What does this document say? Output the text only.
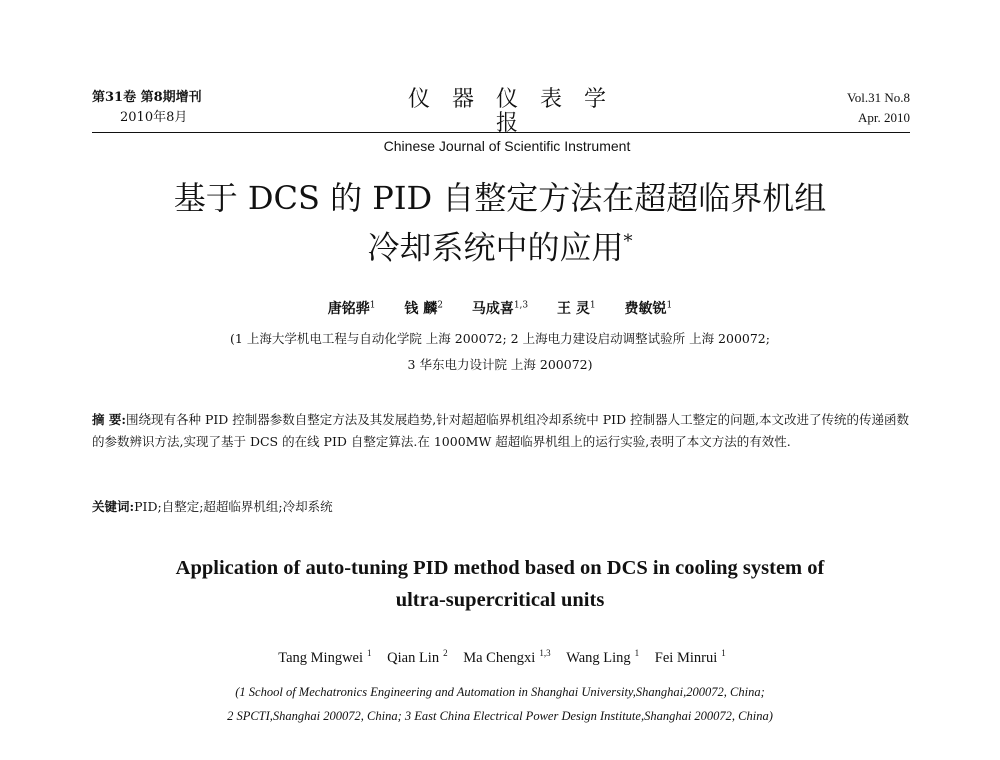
第31卷 第8期增刊
2010年8月
仪器仪表学报
Chinese Journal of Scientific Instrument
Vol.31 No.8
Apr. 2010
基于 DCS 的 PID 自整定方法在超超临界机组
冷却系统中的应用*
唐铭骅$^1$ 钱 麟$^2$ 马成喜$^{1,3}$ 王 灵$^1$ 费敏锐$^1$
(1 上海大学机电工程与自动化学院 上海 200072; 2 上海电力建设启动调整试验所 上海 200072;
3 华东电力设计院 上海 200072)
摘 要:围绕现有各种 PID 控制器参数自整定方法及其发展趋势,针对超超临界机组冷却系统中 PID 控制器人工整定的问题,本文改进了传统的传递函数的参数辨识方法,实现了基于 DCS 的在线 PID 自整定算法.在 1000MW 超超临界机组上的运行实验,表明了本文方法的有效性.
关键词:PID;自整定;超超临界机组;冷却系统
Application of auto-tuning PID method based on DCS in cooling system of
ultra-supercritical units
Tang Mingwei $^1$ Qian Lin $^2$ Ma Chengxi $^{1,3}$ Wang Ling $^1$ Fei Minrui $^1$
(1 School of Mechatronics Engineering and Automation in Shanghai University,Shanghai,200072, China;
2 SPCTI,Shanghai 200072, China; 3 East China Electrical Power Design Institute,Shanghai 200072, China)
